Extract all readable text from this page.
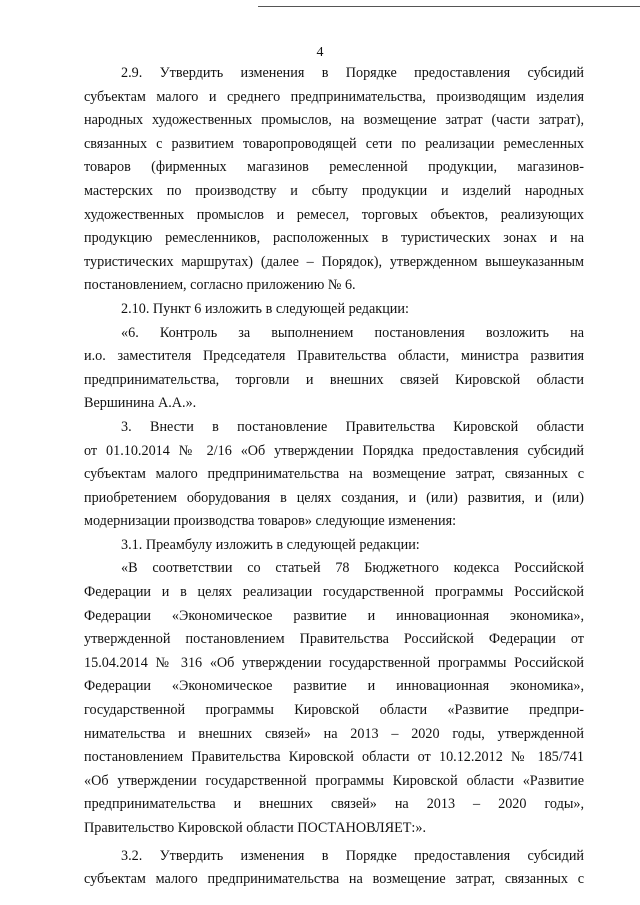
4
2.9. Утвердить изменения в Порядке предоставления субсидий
субъектам малого и среднего предпринимательства, производящим изделия
народных художественных промыслов, на возмещение затрат (части затрат),
связанных с развитием товаропроводящей сети по реализации ремесленных
товаров (фирменных магазинов ремесленной продукции, магазинов-
мастерских по производству и сбыту продукции и изделий народных
художественных промыслов и ремесел, торговых объектов, реализующих
продукцию ремесленников, расположенных в туристических зонах и на
туристических маршрутах) (далее – Порядок), утвержденном вышеуказанным
постановлением, согласно приложению № 6.
2.10. Пункт 6 изложить в следующей редакции:
«6. Контроль за выполнением постановления возложить на
и.о. заместителя Председателя Правительства области, министра развития
предпринимательства, торговли и внешних связей Кировской области
Вершинина А.А.».
3. Внести в постановление Правительства Кировской области
от 01.10.2014 № 2/16 «Об утверждении Порядка предоставления субсидий
субъектам малого предпринимательства на возмещение затрат, связанных с
приобретением оборудования в целях создания, и (или) развития, и (или)
модернизации производства товаров» следующие изменения:
3.1. Преамбулу изложить в следующей редакции:
«В соответствии со статьей 78 Бюджетного кодекса Российской
Федерации и в целях реализации государственной программы Российской
Федерации «Экономическое развитие и инновационная экономика»,
утвержденной постановлением Правительства Российской Федерации от
15.04.2014 № 316 «Об утверждении государственной программы Российской
Федерации «Экономическое развитие и инновационная экономика»,
государственной программы Кировской области «Развитие предпри-
нимательства и внешних связей» на 2013 – 2020 годы, утвержденной
постановлением Правительства Кировской области от 10.12.2012 № 185/741
«Об утверждении государственной программы Кировской области «Развитие
предпринимательства и внешних связей» на 2013 – 2020 годы»,
Правительство Кировской области ПОСТАНОВЛЯЕТ:».
3.2. Утвердить изменения в Порядке предоставления субсидий
субъектам малого предпринимательства на возмещение затрат, связанных с
